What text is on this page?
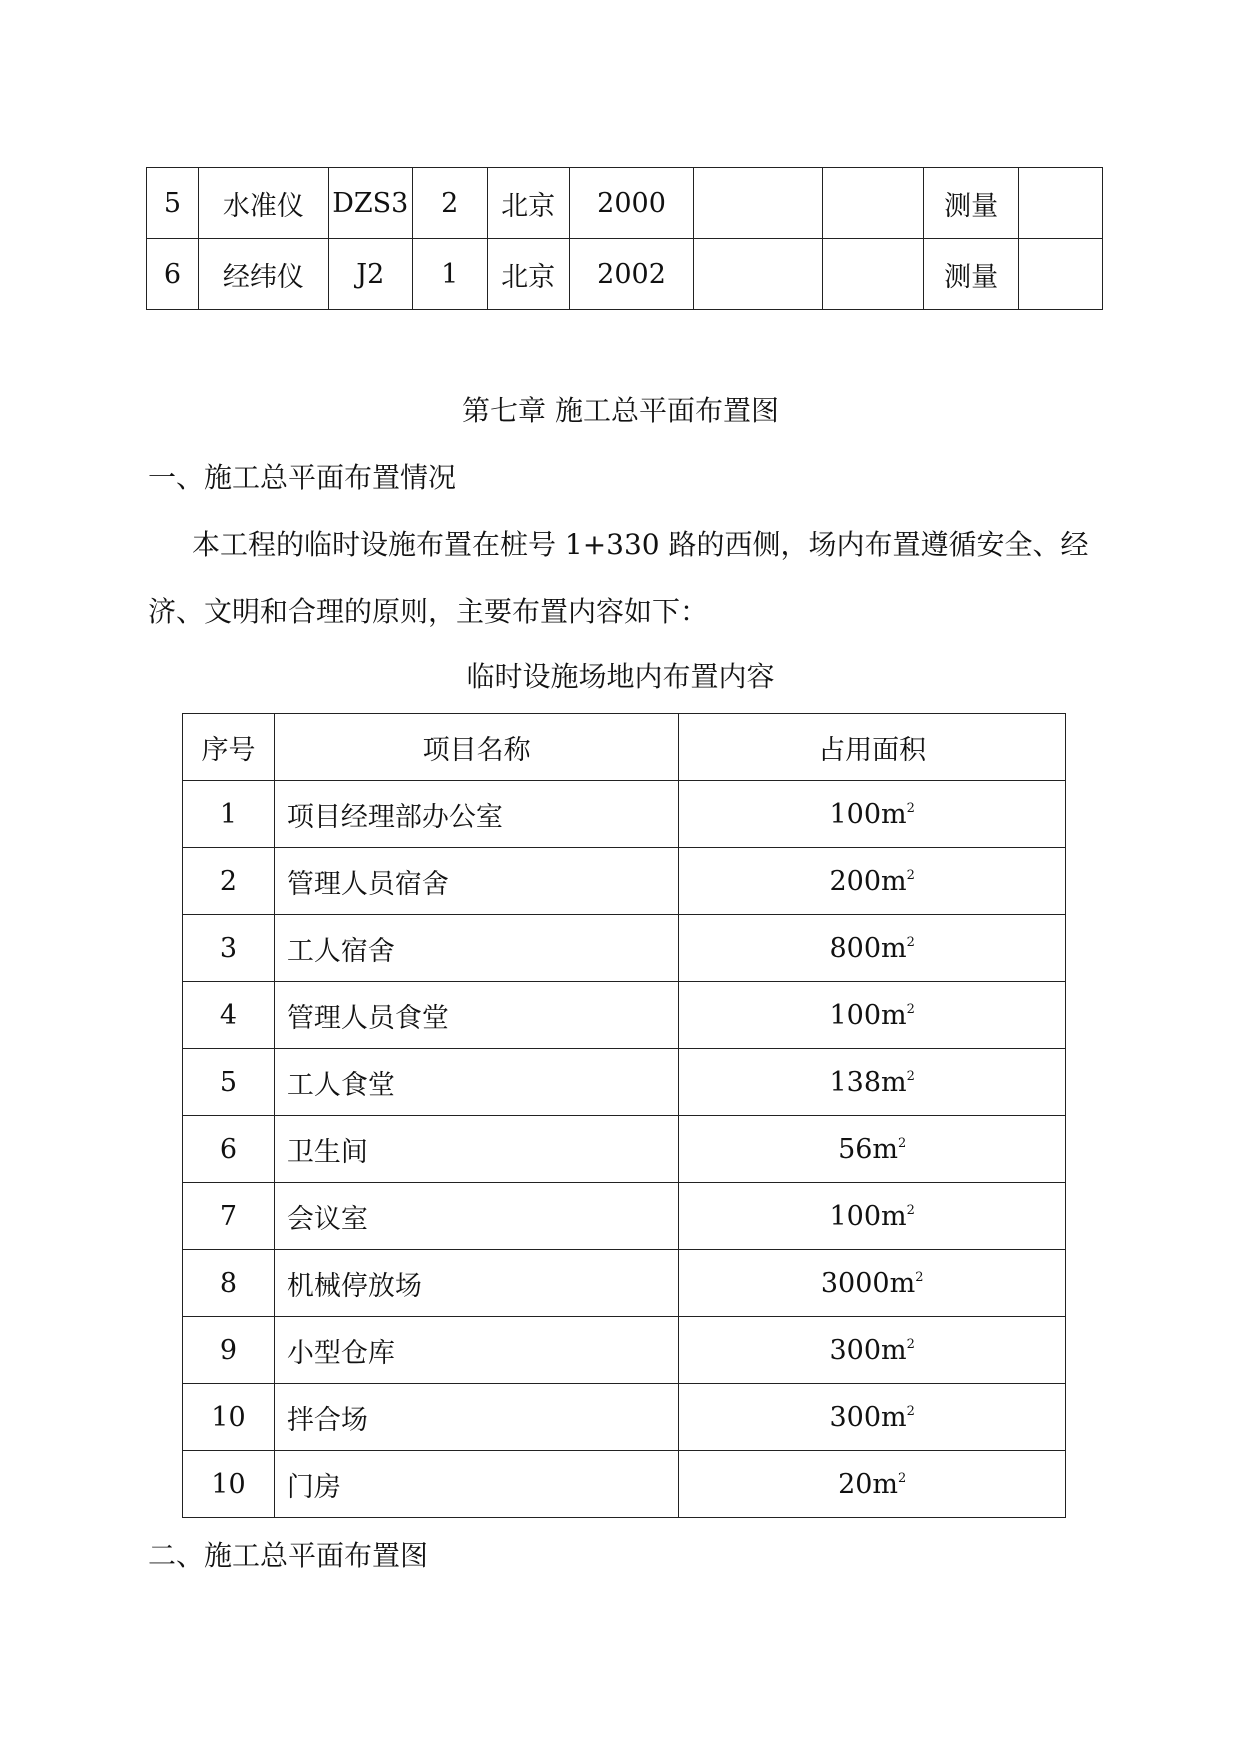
5	水准仪	DZS3	2	北京	2000			测量	
6	经纬仪	J2	1	北京	2002			测量	
第七章 施工总平面布置图
一、施工总平面布置情况
本工程的临时设施布置在桩号 1+330 路的西侧，场内布置遵循安全、经
济、文明和合理的原则，主要布置内容如下：
临时设施场地内布置内容
序号	项目名称	占用面积
1	项目经理部办公室	$100m^2$
2	管理人员宿舍	$200m^2$
3	工人宿舍	$800m^2$
4	管理人员食堂	$100m^2$
5	工人食堂	$138m^2$
6	卫生间	$56m^2$
7	会议室	$100m^2$
8	机械停放场	$3000m^2$
9	小型仓库	$300m^2$
10	拌合场	$300m^2$
10	门房	$20m^2$
二、施工总平面布置图
